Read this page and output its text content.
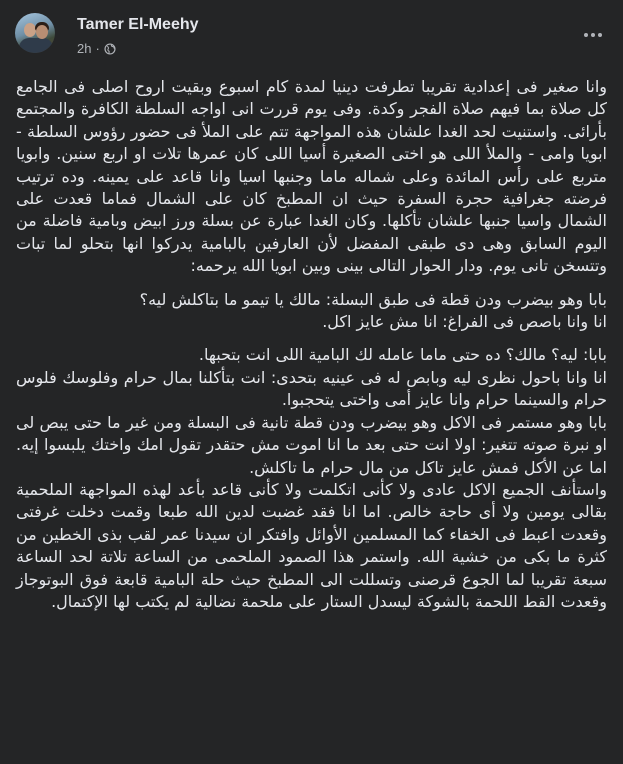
Tamer El-Meehy
2h ·

وانا صغير فى إعدادية تقريبا تطرفت دينيا لمدة كام اسبوع وبقيت اروح اصلى فى الجامع كل صلاة بما فيهم صلاة الفجر وكدة. وفى يوم قررت انى اواجه السلطة الكافرة والمجتمع بأرائى. واستنيت لحد الغدا علشان هذه المواجهة تتم على الملأ فى حضور رؤوس السلطة - ابويا وامى - والملأ اللى هو اختى الصغيرة أسيا اللى كان عمرها تلات او اربع سنين. وابويا متربع على رأس المائدة وعلى شماله ماما وجنبها اسيا وانا قاعد على يمينه. وده ترتيب فرضته جغرافية حجرة السفرة حيث ان المطبخ كان على الشمال فماما قعدت على الشمال واسيا جنبها علشان تأكلها. وكان الغدا عبارة عن بسلة ورز ابيض وبامية فاضلة من اليوم السابق وهى دى طبقى المفضل لأن العارفين بالبامية يدركوا انها بتحلو لما تبات وتتسخن تانى يوم. ودار الحوار التالى بينى وبين ابويا الله يرحمه:

بابا وهو بيضرب ودن قطة فى طبق البسلة: مالك يا تيمو ما بتاكلش ليه؟
انا وانا باصص فى الفراغ: انا مش عايز اكل.

بابا: ليه؟ مالك؟ ده حتى ماما عامله لك البامية اللى انت بتحبها.
انا وانا باحول نظرى ليه وبابص له فى عينيه بتحدى: انت بتأكلنا بمال حرام وفلوسك فلوس حرام والسينما حرام وانا عايز أمى واختى يتحجبوا.
بابا وهو مستمر فى الاكل وهو بيضرب ودن قطة تانية فى البسلة ومن غير ما حتى يبص لى او نبرة صوته تتغير: اولا انت حتى بعد ما انا اموت مش حتقدر تقول امك واختك يلبسوا إيه. اما عن الأكل فمش عايز تاكل من مال حرام ما تاكلش.
واستأنف الجميع الاكل عادى ولا كأنى اتكلمت ولا كأنى قاعد بأعد لهذه المواجهة الملحمية بقالى يومين ولا أى حاجة خالص. اما انا فقد غضبت لدين الله طبعا وقمت دخلت غرفتى وقعدت اعبط فى الخفاء كما المسلمين الأوائل وافتكر ان سيدنا عمر لقب بذى الخطين من كثرة ما بكى من خشية الله. واستمر هذا الصمود الملحمى من الساعة تلاتة لحد الساعة سبعة تقريبا لما الجوع قرصنى وتسللت الى المطبخ حيث حلة البامية قابعة فوق البوتوجاز وقعدت القط اللحمة بالشوكة ليسدل الستار على ملحمة نضالية لم يكتب لها الإكتمال.
